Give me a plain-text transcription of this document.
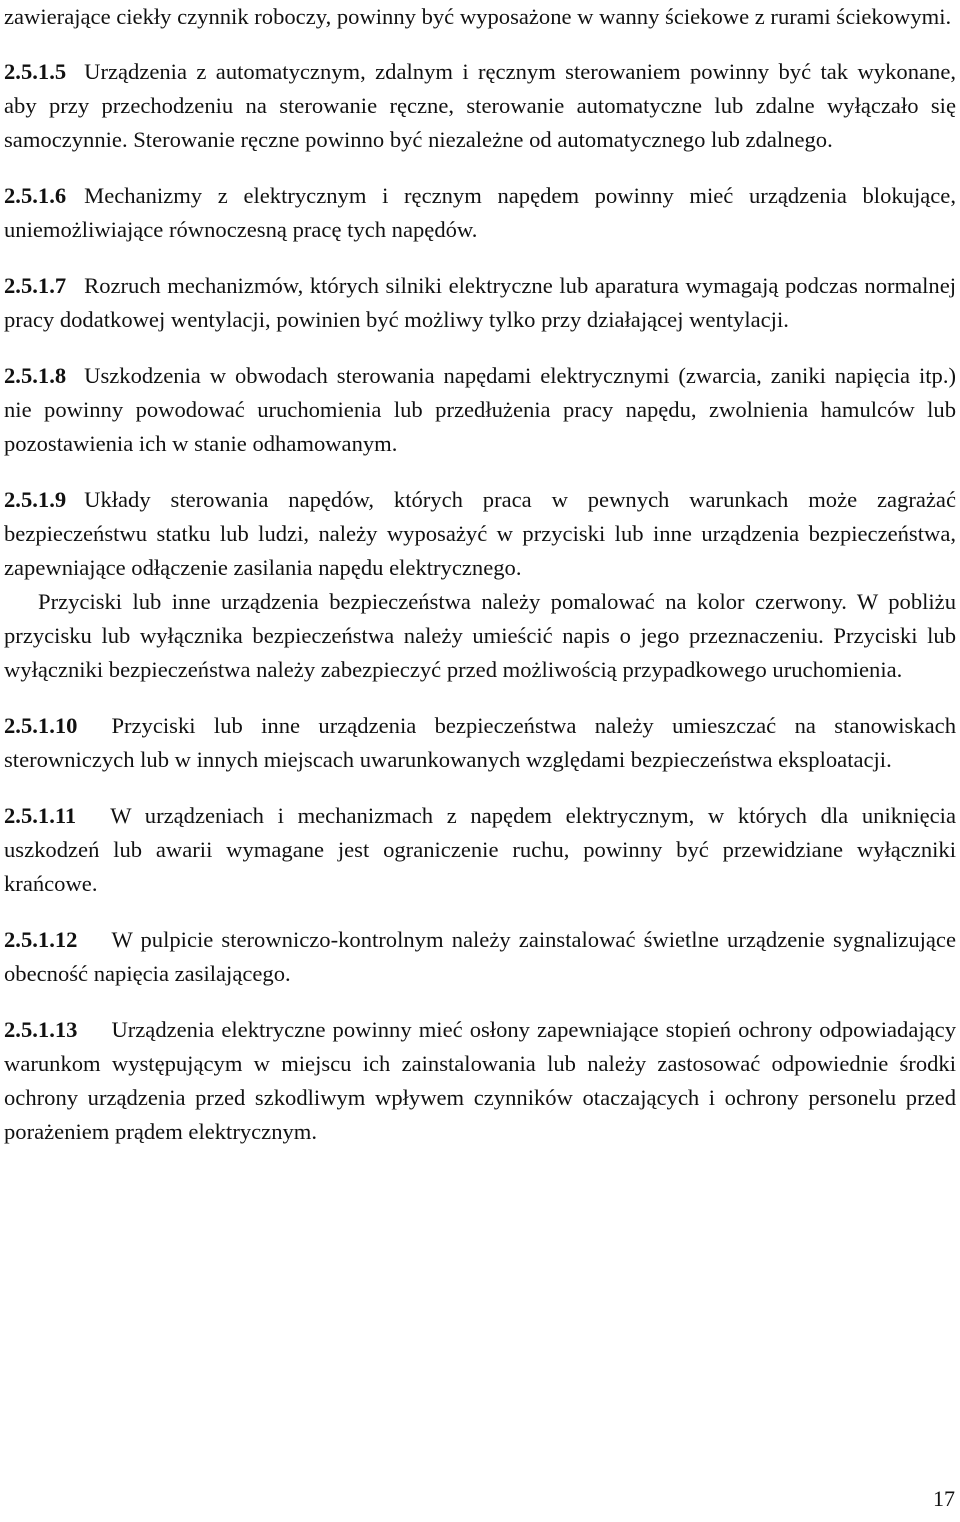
zawierające ciekły czynnik roboczy, powinny być wyposażone w wanny ściekowe z rurami ściekowymi.

2.5.1.5 Urządzenia z automatycznym, zdalnym i ręcznym sterowaniem powinny być tak wykonane, aby przy przechodzeniu na sterowanie ręczne, sterowanie automatyczne lub zdalne wyłączało się samoczynnie. Sterowanie ręczne powinno być niezależne od automatycznego lub zdalnego.

2.5.1.6 Mechanizmy z elektrycznym i ręcznym napędem powinny mieć urządzenia blokujące, uniemożliwiające równoczesną pracę tych napędów.

2.5.1.7 Rozruch mechanizmów, których silniki elektryczne lub aparatura wymagają podczas normalnej pracy dodatkowej wentylacji, powinien być możliwy tylko przy działającej wentylacji.

2.5.1.8 Uszkodzenia w obwodach sterowania napędami elektrycznymi (zwarcia, zaniki napięcia itp.) nie powinny powodować uruchomienia lub przedłużenia pracy napędu, zwolnienia hamulców lub pozostawienia ich w stanie odhamowanym.

2.5.1.9 Układy sterowania napędów, których praca w pewnych warunkach może zagrażać bezpieczeństwu statku lub ludzi, należy wyposażyć w przyciski lub inne urządzenia bezpieczeństwa, zapewniające odłączenie zasilania napędu elektrycznego.

Przyciski lub inne urządzenia bezpieczeństwa należy pomalować na kolor czerwony. W pobliżu przycisku lub wyłącznika bezpieczeństwa należy umieścić napis o jego przeznaczeniu. Przyciski lub wyłączniki bezpieczeństwa należy zabezpieczyć przed możliwością przypadkowego uruchomienia.

2.5.1.10 Przyciski lub inne urządzenia bezpieczeństwa należy umieszczać na stanowiskach sterowniczych lub w innych miejscach uwarunkowanych względami bezpieczeństwa eksploatacji.

2.5.1.11 W urządzeniach i mechanizmach z napędem elektrycznym, w których dla uniknięcia uszkodzeń lub awarii wymagane jest ograniczenie ruchu, powinny być przewidziane wyłączniki krańcowe.

2.5.1.12 W pulpicie sterowniczo-kontrolnym należy zainstalować świetlne urządzenie sygnalizujące obecność napięcia zasilającego.

2.5.1.13 Urządzenia elektryczne powinny mieć osłony zapewniające stopień ochrony odpowiadający warunkom występującym w miejscu ich zainstalowania lub należy zastosować odpowiednie środki ochrony urządzenia przed szkodliwym wpływem czynników otaczających i ochrony personelu przed porażeniem prądem elektrycznym.

17
